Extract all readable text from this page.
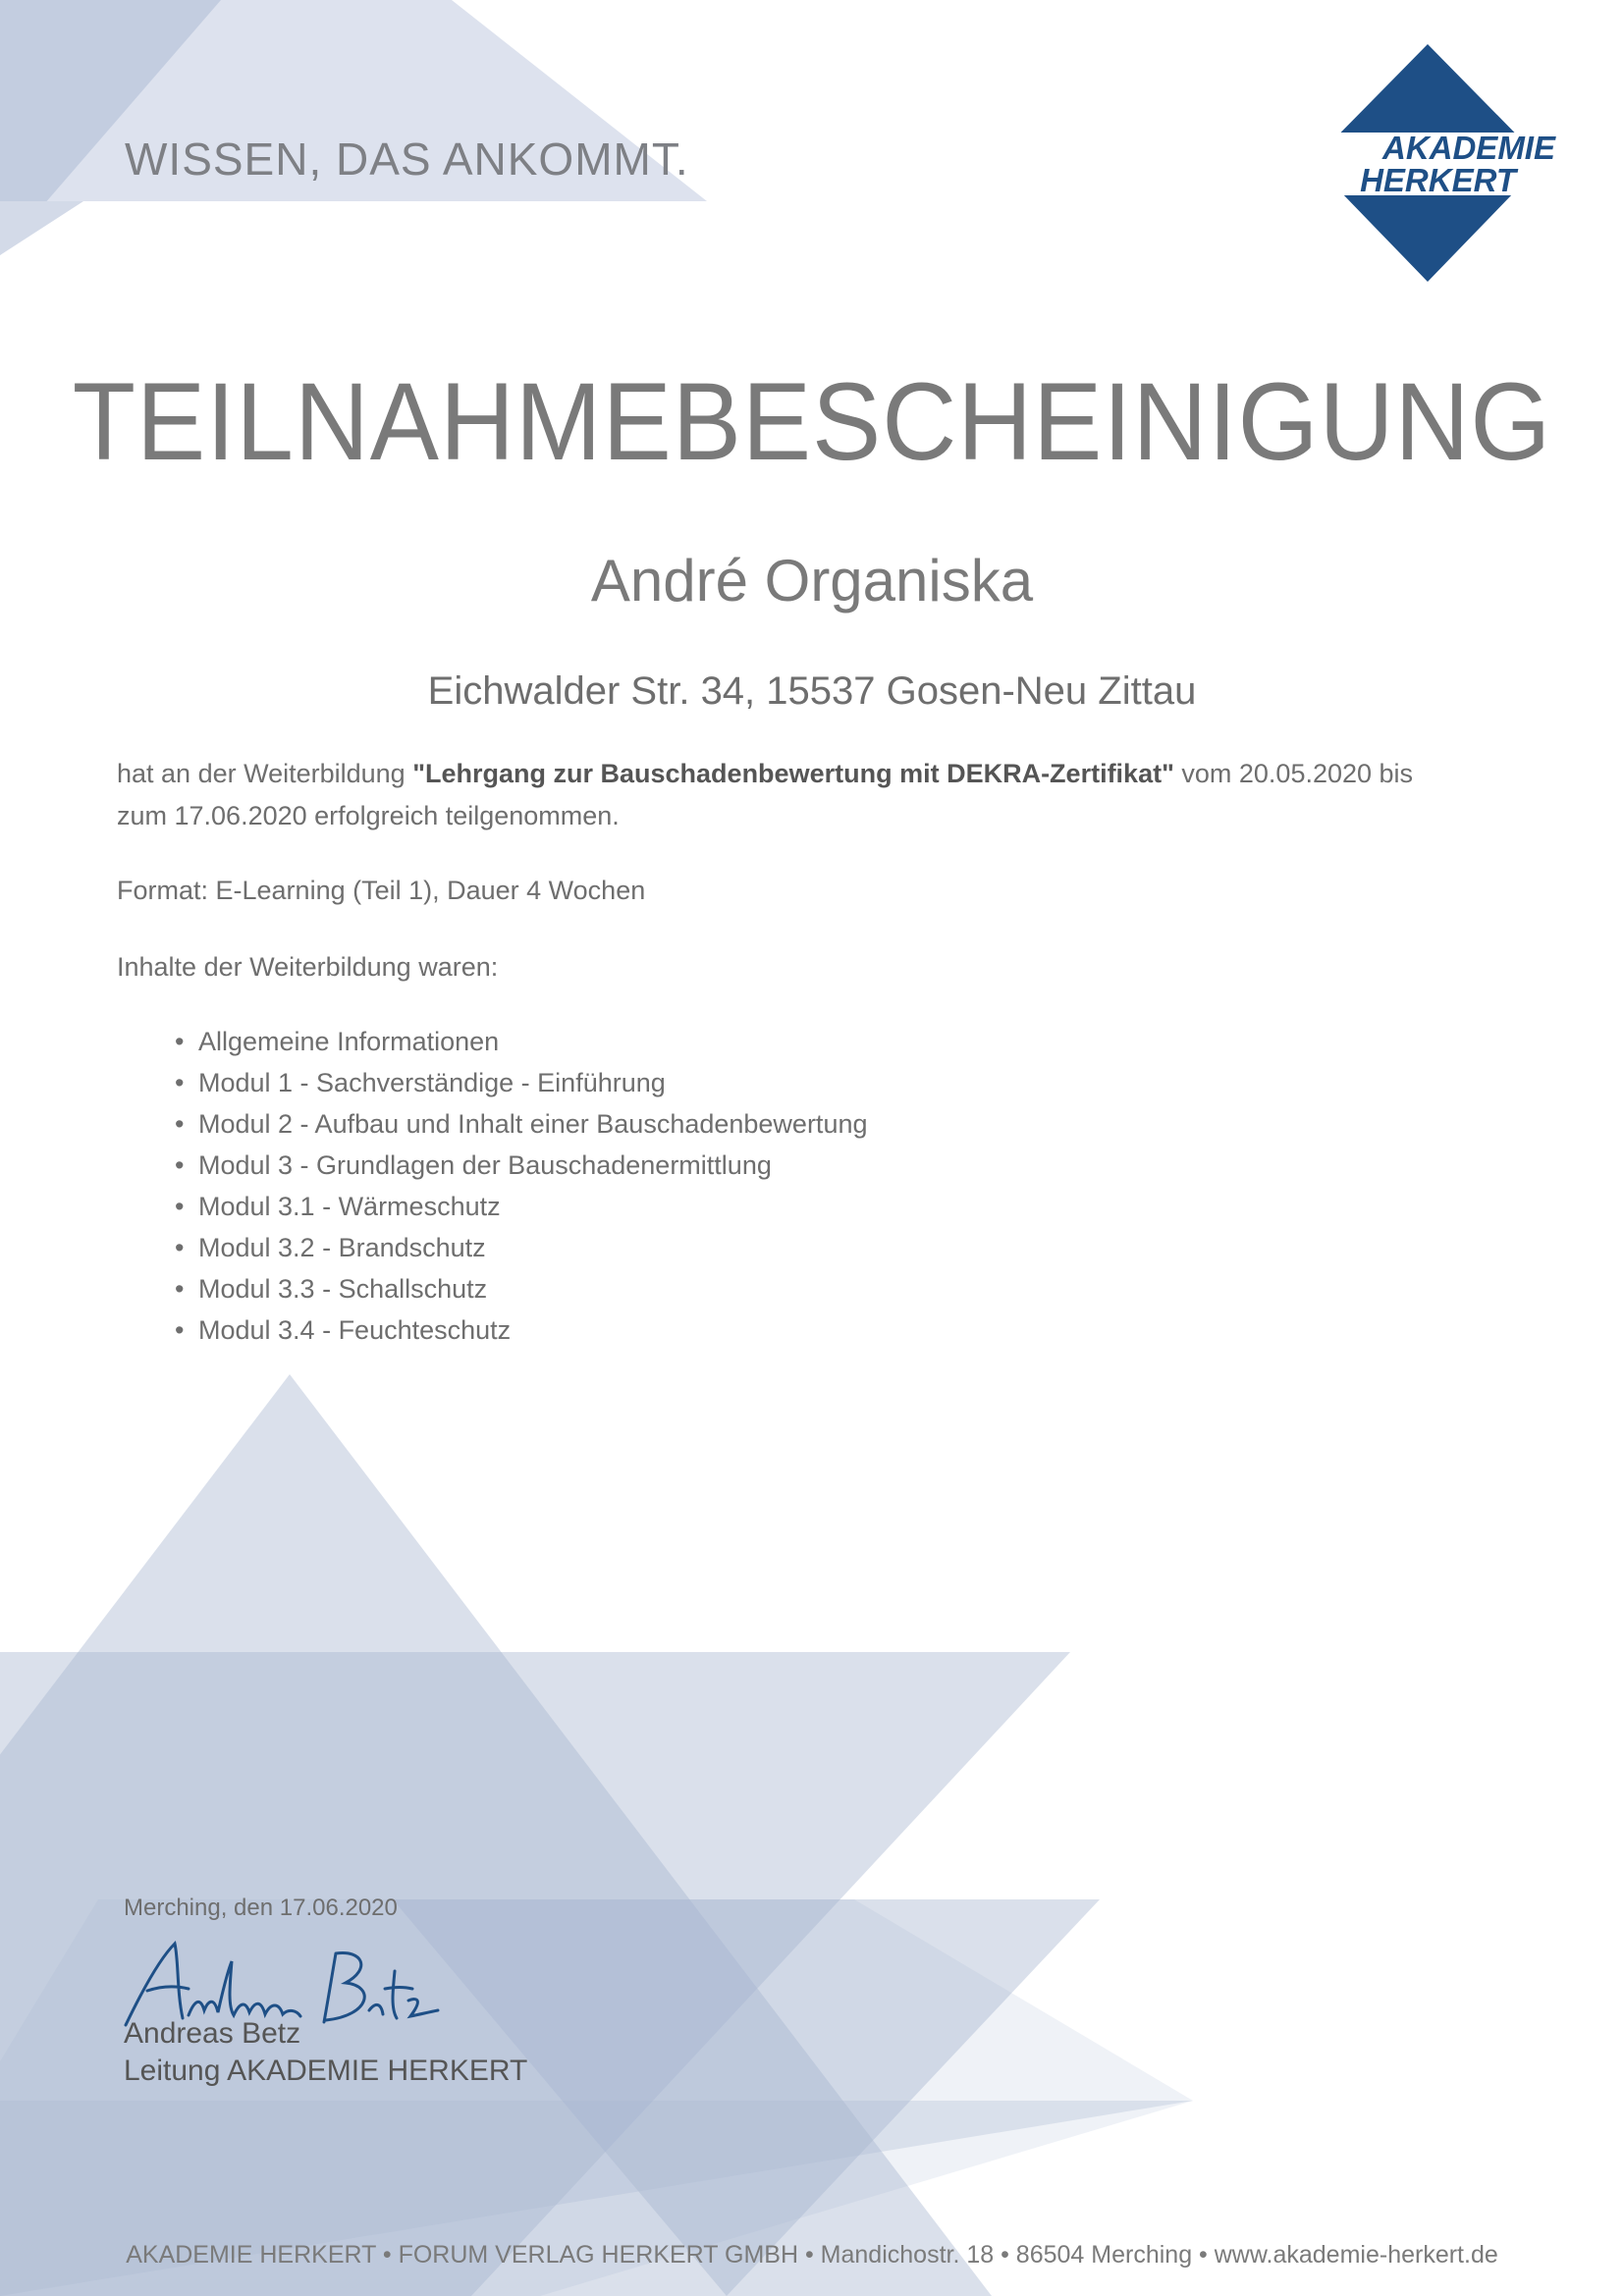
WISSEN, DAS ANKOMMT.	AKADEMIE
HERKERT
TEILNAHMEBESCHEINIGUNG
André Organiska
Eichwalder Str. 34, 15537 Gosen-Neu Zittau
hat an der Weiterbildung "Lehrgang zur Bauschadenbewertung mit DEKRA-Zertifikat" vom 20.05.2020 bis zum 17.06.2020 erfolgreich teilgenommen.
Format: E-Learning (Teil 1), Dauer 4 Wochen
Inhalte der Weiterbildung waren:
• Allgemeine Informationen
• Modul 1 - Sachverständige - Einführung
• Modul 2 - Aufbau und Inhalt einer Bauschadenbewertung
• Modul 3 - Grundlagen der Bauschadenermittlung
• Modul 3.1 - Wärmeschutz
• Modul 3.2 - Brandschutz
• Modul 3.3 - Schallschutz
• Modul 3.4 - Feuchteschutz
Merching, den 17.06.2020
Andreas Betz
Leitung AKADEMIE HERKERT
AKADEMIE HERKERT • FORUM VERLAG HERKERT GMBH • Mandichostr. 18 • 86504 Merching • www.akademie-herkert.de
